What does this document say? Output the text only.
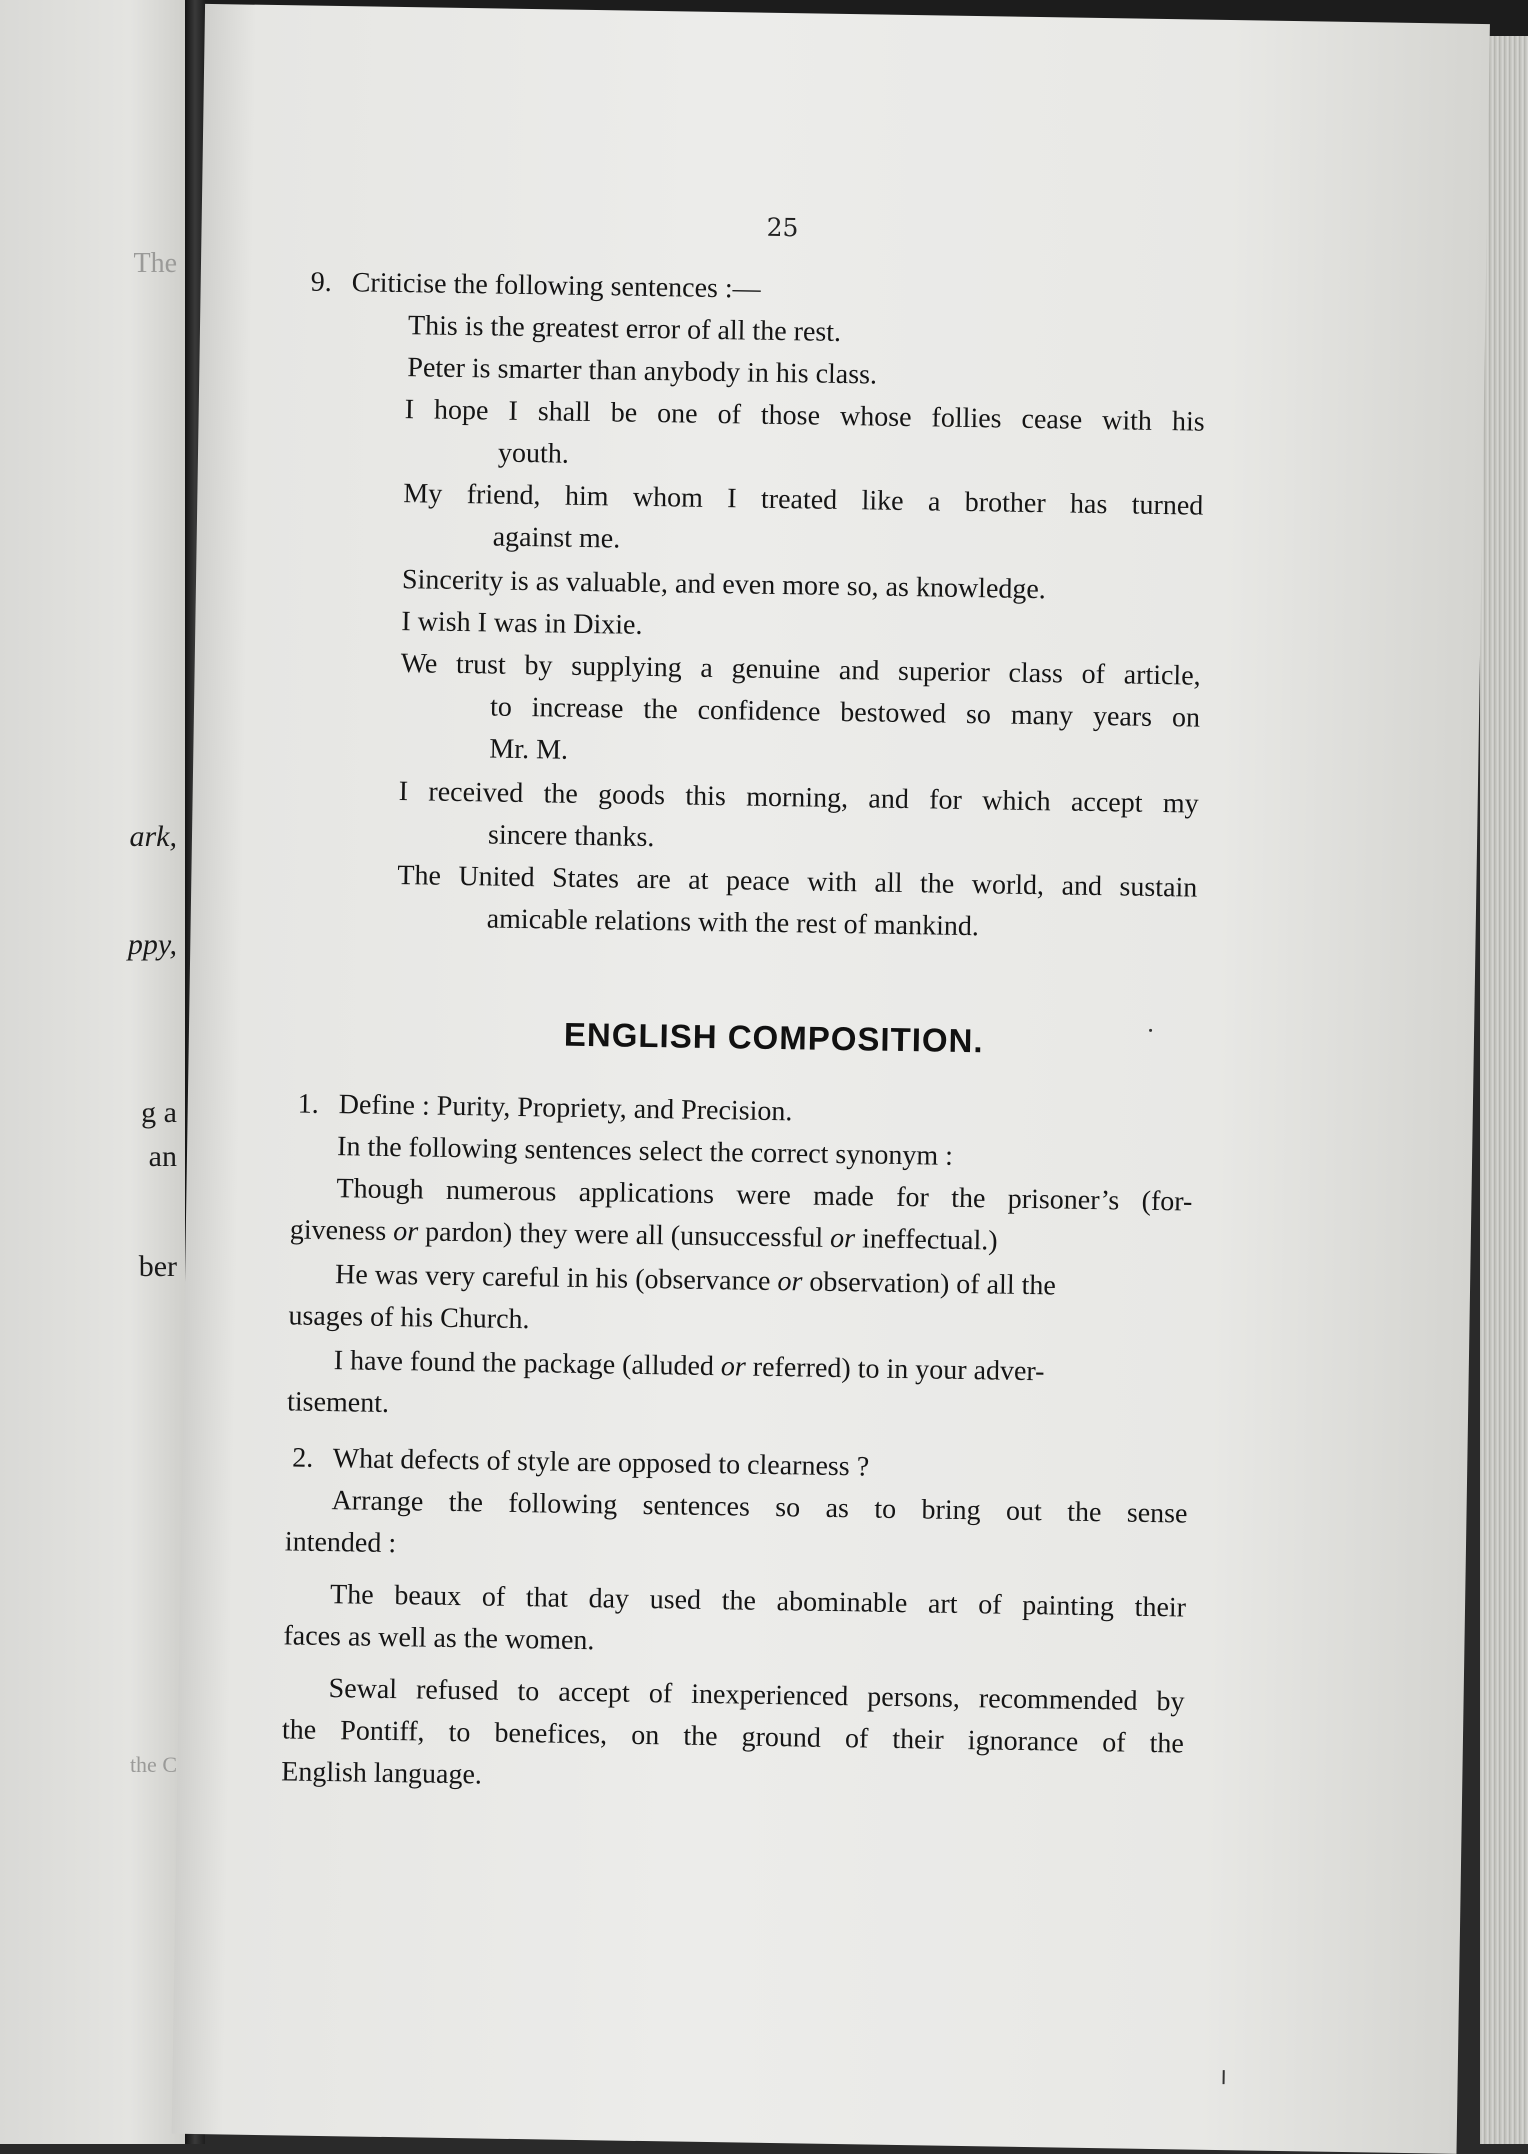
The
ark,
ppy,
g a
an
ber
the C
25
9. Criticise the following sentences :—
This is the greatest error of all the rest.
Peter is smarter than anybody in his class.
I hope I shall be one of those whose follies cease with his
youth.
My friend, him whom I treated like a brother has turned
against me.
Sincerity is as valuable, and even more so, as knowledge.
I wish I was in Dixie.
We trust by supplying a genuine and superior class of article,
to increase the confidence bestowed so many years on
Mr. M.
I received the goods this morning, and for which accept my
sincere thanks.
The United States are at peace with all the world, and sustain
amicable relations with the rest of mankind.
ENGLISH COMPOSITION.
1. Define : Purity, Propriety, and Precision.
In the following sentences select the correct synonym :
Though numerous applications were made for the prisoner’s (for-
giveness or pardon) they were all (unsuccessful or ineffectual.)
He was very careful in his (observance or observation) of all the
usages of his Church.
I have found the package (alluded or referred) to in your adver-
tisement.
2. What defects of style are opposed to clearness ?
Arrange the following sentences so as to bring out the sense
intended :
The beaux of that day used the abominable art of painting their
faces as well as the women.
Sewal refused to accept of inexperienced persons, recommended by
the Pontiff, to benefices, on the ground of their ignorance of the
English language.
